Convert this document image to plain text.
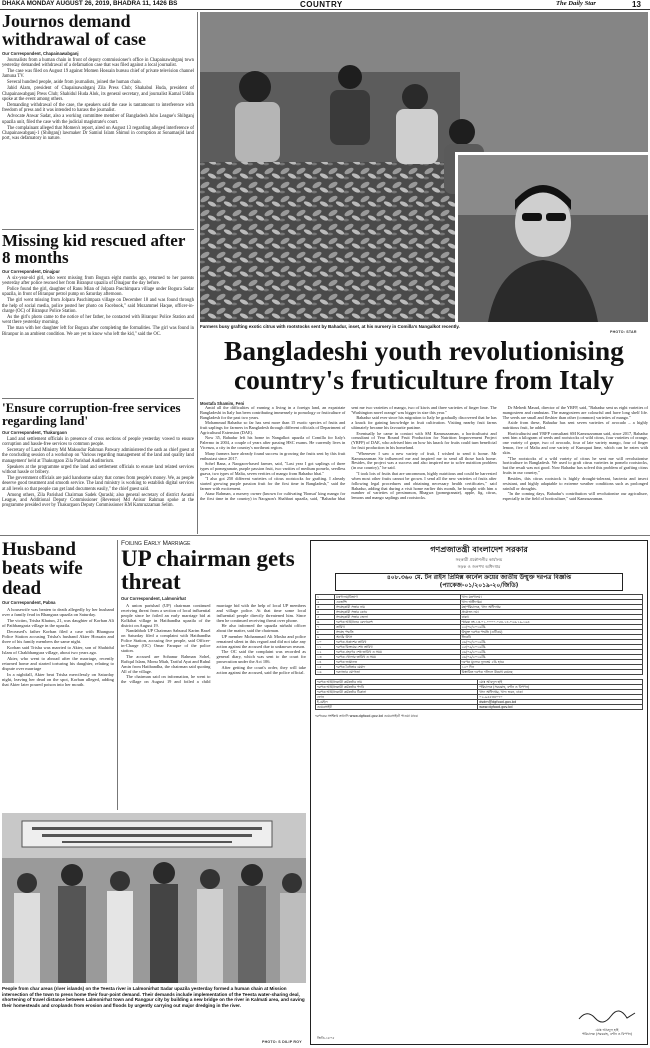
DHAKA MONDAY AUGUST 26, 2019, BHADRA 11, 1426 BS	COUNTRY	The Daily Star	13
Journos demand withdrawal of case
Our Correspondent, Chapainawabganj

Journalists from a human chain in front of deputy commissioner's office in Chapainawabganj town yesterday demanded withdrawal of a defamation case that was filed against a local journalist.

The case was filed on August 19 against Momen Hossain bureau chief of private television channel Jamuna TV.

Several hundred people, aside from journalists, joined the human chain.

Jahid Alam, president of Chapainawabganj Zila Press Club; Shahabul Huda, president of Chapainawabganj Press Club; Shahidul Huda Alok, its general secretary, and journalist Kamal Uddin spoke at the event among others.

Demanding withdrawal of the case, the speakers said the case is tantamount to interference with freedom of press and it was intended to harass the journalist.

Advocate Anwar Sadat, also a working committee member of Bangladesh Jubo League's Shibganj upazila unit, filed the case with the judicial magistrate's court.

The complainant alleged that Momen's report, aired on August 13 regarding alleged interference of Chapainawabganj-1 (Shibganj) lawmaker Dr Samiul Islam Shimul in corruption at Sonamasjid land port, was defamatory in nature.

Missing kid rescued after 8 months
Our Correspondent, Dinajpur

A six-year-old girl, who went missing from Bogura eight months ago, returned to her parents yesterday after police rescued her from Biranpur upazila of Dinajpur the day before.

Police found the girl, daughter of Ranu Mian of Jolpara Paschimpara village under Bogura Sadar upazila, in front of Biranpur petrol pump on Saturday afternoon.

The girl went missing from Jolpara Paschimpara village on December 18 and was found through the help of social media, police posted her photo on Facebook," said Mozammel Haque, officer-in-charge (OC) of Biranpur Police Station.

As the girl's photo came to the notice of her father, he contacted with Biranpur Police Station and went there yesterday morning.

The man with her daughter left for Bogura after completing the formalities. The girl was found in Biranpur in an ambient condition. We are yet to know who left the kid," said the OC.

'Ensure corruption-free services regarding land'
Our Correspondent, Thakurgaon

Land and settlement officials in presence of cross sections of people yesterday vowed to ensure corruption and hassle-free services to common people.

Secretary of Land Ministry Md Maksudur Rahman Patwary administered the oath as chief guest at the concluding session of a workshop on 'Various regarding management of the land and quality land management' held at Thakurgaon Zila Parishad Auditorium.

Speakers at the programme urged the land and settlement officials to ensure land related services without hassle or bribery.

The government officials are paid handsome salary that comes from people's money. We, as people deserve good treatment and smooth service. The land ministry is working to establish digital services at all levels so that people can get land documents easily," the chief guest said.

Among others, Zila Parishad Chairman Sadek Qurashi; also general secretary of district Awami League, and Additional Deputy Commissioner (Revenue) Md Anisur Rahman spoke at the programme presided over by Thakurgaon Deputy Commissioner KM Kamruzzaman Selim.

Farmers busy grafting exotic citrus with rootstocks sent by Bahadur, inset, at his nursery in Comilla's Nangalkot recently.
PHOTO: STAR
Bangladeshi youth revolutionising country's fruticulture from Italy
Mostafa Shamim, Feni

Amid all the difficulties of earning a living in a foreign land, an expatriate Bangladeshi in Italy has been contributing immensely to pomology or fruticulture of Bangladesh for the past two years.

Mohammad Bahadur so far has sent more than 15 exotic species of fruits and fruit saplings for farmers in Bangladesh through different officials of Department of Agricultural Extension (DAE).

Now 35, Bahadur left his home in Nangalkot upazila of Comilla for Italy's Palermo in 2004, a couple of years after passing HSC exams. He currently lives in Vicenza, a city in the country's northeast region.

Many farmers have already found success in growing the fruits sent by this fruit enthusiast since 2017.

Sohel Rana, a Naogaon-based farmer, said, "Last year I got saplings of three types of pomegranate, purple passion fruit, two varities of medium pomelo, seedless guava, two types of Malta, seven verities of mango from Bahadur bhai."

"I also got 250 different varieties of citrus rootstocks for grafting. I already started growing purple passion fruit for the first time in Bangladesh," said the farmer with excitement.

Ataur Rahman, a nursery owner (known for cultivating 'Bonsai' king mango for the first time in the country) in Naogaon's Shahbari upazila, said, "Bahadur bhai sent me two varieties of mango, two of kiwis and three varieties of finger lime. The 'Washington navel orange' was bigger in size this year."

Bahadur said ever since his migration to Italy he gradually discovered that he has a knack for gaining knowledge in fruit cultivation. Visiting nearby fruit farms ultimately became his favourite pastime.

Eventually he came in contact with SM Kamruzzaman, a horticulturist and consultant of Year Round Fruit Production for Nutrition Improvement Project (YRFP) of DAE, who advised him on how his knack for fruits could turn beneficial for fruit production in his homeland.

"Whenever I saw a new variety of fruit, I wished to send it home. Mr Kamruzzaman Sir influenced me and inspired me to send all those back home. Besides, the project was a success and also inspired me to solve nutrition problem (in our country)," he said.

"I took lots of fruits that are uncommon, highly nutritious and could be harvested when most other fruits cannot be grown. I send all the new varieties of fruits after following legal procedures and obtaining necessary health certificates," said Bahadur, adding that during a visit home earlier this month, he brought with him a number of varieties of persimmon, Bhagwa (pomegranate), apple, fig, citrus, lemons and mango saplings and rootstocks.

Dr Mehedi Masud, director of the YRFP, said, "Bahadur sent us eight varieties of mangosteen and rambutan. The mangosteen are colourful and have long shelf life. The seeds are small and fleshier than other (common) varieties of mango."

Aside from these, Bahadur has sent seven varieties of avocado – a highly nutritious fruit, he added.

Horticulturist and YRFP consultant SM Kamruzzaman said, since 2017, Bahadur sent him a kilogram of seeds and rootstocks of wild citrus, four varieties of orange, one variety of grape, two of avocado, four of late variety mango, four of finger lemon, five of Malta and one variety of Kumquat lime, which can be eaten with skin.

"The rootstocks of a wild variety of citrus he sent me will revolutionise horticulture in Bangladesh. We used to graft citrus varieties in pomelo rootstocks, but the result was not good. Now Bahadur has solved this problem of grafting citrus fruits in our country,"

Besides, this citrus rootstock is highly drought-tolerant, bacteria and insect resistant, and highly adaptable to extreme weather conditions such as prolonged rainfall or droughts.

"In the coming days, Bahadur's contribution will revolutionise our agriculture, especially in the field of horticulture," said Kamruzzaman.

Husband beats wife dead
Our Correspondent, Pabna

A housewife was beaten to death allegedly by her husband over a family feud in Bhangura upazila on Saturday.

The victim, Trisha Khatun, 21, was daughter of Korban Ali of Pathbangaria village in the upazila.

Deceased's father Korban filed a case with Bhangura Police Station accusing Trisha's husband Akter Hossain and three of his family members the same night.

Korban said Trisha was married to Akter, son of Shahidul Islam of Chakbhangura village, about two years ago.

Akter, who went to abroad after the marriage, recently returned home and started torturing his daughter, relating to dispute over marriage

In a nightfall, Akter beat Trisha mercilessly on Saturday night, leaving her dead on the spot, Korban alleged, adding that Akter later poured poison into her mouth.

Foiling Early Marriage
UP chairman gets threat
Our Correspondent, Lalmonirhat

A union parishad (UP) chairman continued receiving threat from a section of local influential people since he foiled an early marriage bid at Kolkihat village in Hatibandha upazila of the district on August 19.

Nandabhoh UP Chairman Sabuzul Karim Rasel on Saturday filed a complaint with Hatibandha Police Station, accusing five people, said Officer-in-Charge (OC) Omar Faruque of the police station.

The accused are Sohanur Rahman Sohel, Rafiqul Islam, Monu Miah, Tariful Ayat and Ruhul Amin from Hatibandha, the chairman said quoting All of the village.

The chairman said on information, he went to the village on August 19 and foiled a child marriage bid with the help of local UP members and village police. At that time some local influential people directly threatened him. Since then he continued receiving threat over phone.

He also informed the upazila nirbahi officer about the matter, said the chairman.

UP member Mohammad Ali Mosha and police remained silent in this regard and did not take any action against the accused due to unknown reason.

The OC said the complaint was recorded as general diary, which was sent to the court for prosecution under the Act 106.

After getting the court's order, they will take action against the accused, said the police official.

People from char areas (river islands) on the Teesta river in Lalmonirhat Sadar upazila yesterday formed a human chain at Mission intersection of the town to press home their four-point demand. Their demands include implementation of the Teesta water-sharing deal, shortening of travel distance between Lalmonirhat town and Rangpur city by building a new bridge on the river in Kalmati area, and saving their homesteads and croplands from erosion and floods by urgently carrying out major dredging in the river.
PHOTO: S DILIP ROY
গণপ্রজাতন্ত্রী বাংলাদেশ সরকার
সহকারী প্রকৌশলীর কার্যালয়
সড়ক ও জনপথ অধিদপ্তর
৪০৮.৩৬০ মে. টন রাইস প্রিমিক্স কার্নেল ক্রয়ের জাতীয় উন্মুক্ত দরপত্র বিজ্ঞপ্তি
(প্যাকেজ-০১/২০১৯-২০/জিডি)
১	মন্ত্রণালয়/বিভাগ	খাদ্য মন্ত্রণালয়।
২	এজেন্সি	খাদ্য অধিদপ্তর।
৩	সংগ্রহকারী সত্তার নাম	মহাপরিচালক, খাদ্য অধিদপ্তর
৪	সংগ্রহকারী সত্তার কোড	প্রযোজ্য নয়।
৫	সংগ্রহকারী সত্তার জেলা	ঢাকা।
৬	দরপত্র আহ্বানের রেফারেন্স	স্মারক নং-১৩.০১.০০০০.০৫৪.১৪.০২৬.১৯-১৯৪
৭	তারিখ	২২/০৮/২০১৯খ্রি.
৮	সংগ্রহ পদ্ধতি	উন্মুক্ত দরপত্র পদ্ধতি (ওটিএম)
৯	অর্থের উৎস	জিওবি
১০	দরপত্র প্রকাশের তারিখ	২৬/০৮/২০১৯খ্রি.
১১	দরপত্র বিক্রয়ের শেষ তারিখ	২৫/০৯/২০১৯খ্রি.
১২	দরপত্র গ্রহণের শেষ তারিখ ও সময়	২৬/০৯/২০১৯খ্রি.
১৩	দরপত্র খোলার তারিখ ও সময়	২৬/০৯/২০১৯খ্রি.
১৪	দরপত্র জামানত	দরপত্র মূল্যের ন্যূনতম ২% হারে
১৫	দরপত্র বৈধতার মেয়াদ	১২০ দিন
১৬	দরদাতার যোগ্যতা	বিস্তারিত দরপত্র দলিলে উল্লেখ রয়েছে
দরপত্র আহ্বানকারী কর্মকর্তার নাম	মোঃ আবদুল হাই
দরপত্র আহ্বানকারী কর্মকর্তার পদবি	পরিচালক (সরবরাহ, বণ্টন ও বিপণন)
দরপত্র আহ্বানকারী কর্মকর্তার ঠিকানা	খাদ্য অধিদপ্তর, খাদ্য ভবন, ঢাকা
ফোন	০২-৯৫৫৩৩০৭০
ই-মেইল	dsdm@dgfood.gov.bd
ওয়েবসাইট	www.dgfood.gov.bd
দরপত্রের সংক্ষিপ্ত তথ্যাদি www.dgfood.gov.bd ওয়েবসাইটে পাওয়া যাবে।
মোঃ আবদুল হাই
পরিচালক (সরবরাহ, বণ্টন ও বিপণন)
জিডি-১৮০৫
